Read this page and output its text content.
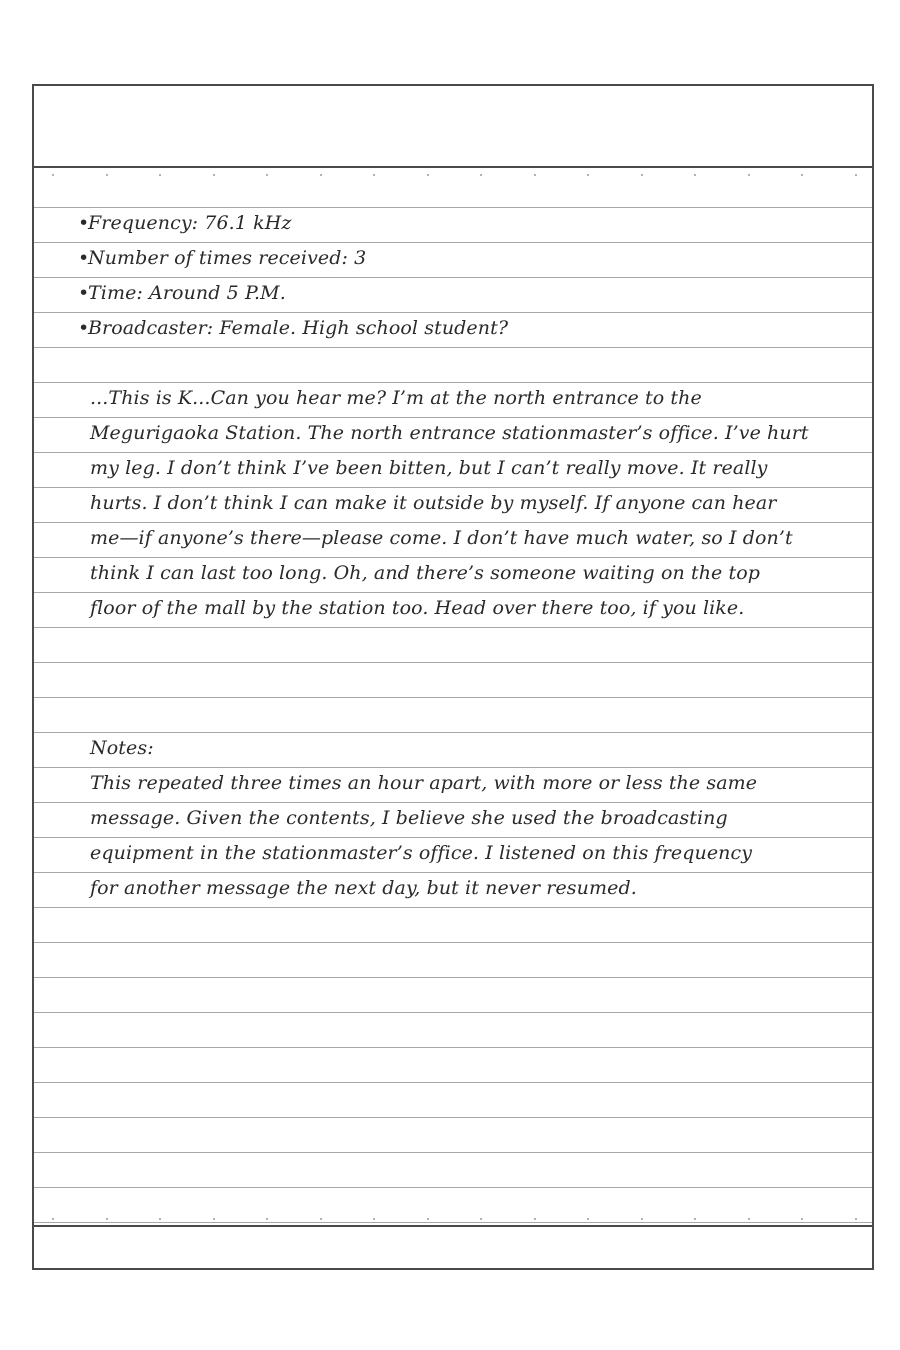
•Frequency: 76.1 kHz
•Number of times received: 3
•Time: Around 5 P.M.
•Broadcaster: Female. High school student?
...This is K...Can you hear me? I’m at the north entrance to the
Megurigaoka Station. The north entrance stationmaster’s office. I’ve hurt
my leg. I don’t think I’ve been bitten, but I can’t really move. It really
hurts. I don’t think I can make it outside by myself. If anyone can hear
me—if anyone’s there—please come. I don’t have much water, so I don’t
think I can last too long. Oh, and there’s someone waiting on the top
floor of the mall by the station too. Head over there too, if you like.
Notes:
This repeated three times an hour apart, with more or less the same
message. Given the contents, I believe she used the broadcasting
equipment in the stationmaster’s office. I listened on this frequency
for another message the next day, but it never resumed.
